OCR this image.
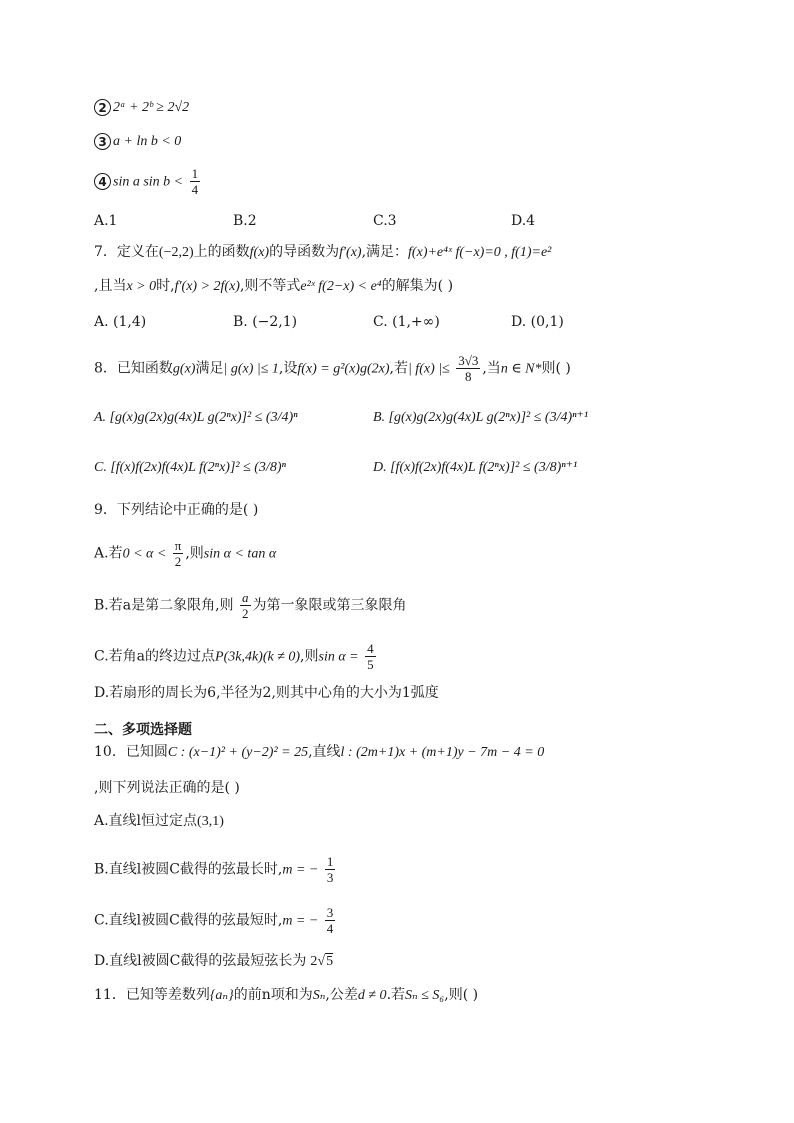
2 2ᵃ + 2ᵇ ≥ 2√2
3 a + ln b < 0
4 sin a $\sin b < \frac{1}{4}$
A.1	B.2	C.3	D.4
7．定义在(−2,2)上的函数f(x)的导函数为f′(x),满足：f(x)+e⁴ˣ f(−x)=0 , f(1)=e²
,且当x > 0时,f′(x) > 2f(x),则不等式e²ˣ f(2−x) < e⁴的解集为( )
A. (1,4)	B. (−2,1)	C. (1,+∞)	D. (0,1)
8．已知函数g(x)满足| g(x) |≤ 1,设f(x) = g²(x)g(2x),若| f(x) |≤ $\frac{3√3}{8}$ ,当n ∈ N*则( )
A. [g(x)g(2x)g(4x)L g(2ⁿx)]² ≤ (3/4)ⁿ	B. [g(x)g(2x)g(4x)L g(2ⁿx)]² ≤ (3/4)ⁿ⁺¹
C. [f(x)f(2x)f(4x)L f(2ⁿx)]² ≤ (3/8)ⁿ	D. [f(x)f(2x)f(4x)L f(2ⁿx)]² ≤ (3/8)ⁿ⁺¹
9．下列结论中正确的是( )
A.若$0 < \alpha < \frac{\pi}{2}$ ,则sin α < tan α
B.若a是第二象限角,则 $\frac{a}{2}$ 为第一象限或第三象限角
C.若角a的终边过点P(3k,4k)(k ≠ 0),则$\sin \alpha = \frac{4}{5}$
D.若扇形的周长为6,半径为2,则其中心角的大小为1弧度
二、多项选择题
10．已知圆C : (x−1)² + (y−2)² = 25,直线l : (2m+1)x + (m+1)y − 7m − 4 = 0
,则下列说法正确的是( )
A.直线l恒过定点(3,1)
B.直线l被圆C截得的弦最长时,m = − $\frac{1}{3}$
C.直线l被圆C截得的弦最短时,m = − $\frac{3}{4}$
D.直线l被圆C截得的弦最短弦长为 2√5
11．已知等差数列{aₙ}的前n项和为Sₙ,公差d ≠ 0.若Sₙ ≤ S₆,则( )
